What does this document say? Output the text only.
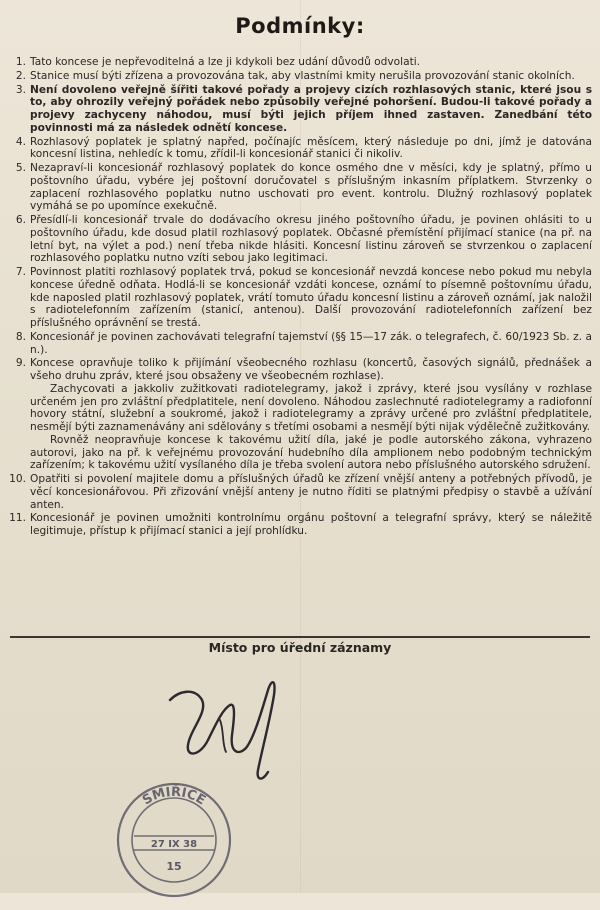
Podmínky:
1. Tato koncese je nepřevoditelná a lze ji kdykoli bez udání důvodů odvolati.
2. Stanice musí býti zřízena a provozována tak, aby vlastními kmity nerušila provozování stanic okolních.
3. Není dovoleno veřejně šířiti takové pořady a projevy cizích rozhlasových stanic, které jsou s to, aby ohrozily veřejný pořádek nebo způsobily veřejné pohoršení. Budou-li takové pořady a projevy zachyceny náhodou, musí býti jejich příjem ihned zastaven. Zanedbání této povinnosti má za následek odnětí koncese.
4. Rozhlasový poplatek je splatný napřed, počínajíc měsícem, který následuje po dni, jímž je datována koncesní listina, nehledíc k tomu, zřídil-li koncesionář stanici či nikoliv.
5. Nezapraví-li koncesionář rozhlasový poplatek do konce osmého dne v měsíci, kdy je splatný, přímo u poštovního úřadu, vybére jej poštovní doručovatel s příslušným inkasním příplatkem. Stvrzenky o zaplacení rozhlasového poplatku nutno uschovati pro event. kontrolu. Dlužný rozhlasový poplatek vymáhá se po upomínce exekučně.
6. Přesídlí-li koncesionář trvale do dodávacího okresu jiného poštovního úřadu, je povinen ohlásiti to u poštovního úřadu, kde dosud platil rozhlasový poplatek. Občasné přemístění přijímací stanice (na př. na letní byt, na výlet a pod.) není třeba nikde hlásiti. Koncesní listinu zároveň se stvrzenkou o zaplacení rozhlasového poplatku nutno vzíti sebou jako legitimaci.
7. Povinnost platiti rozhlasový poplatek trvá, pokud se koncesionář nevzdá koncese nebo pokud mu nebyla koncese úředně odňata. Hodlá-li se koncesionář vzdáti koncese, oznámí to písemně poštovnímu úřadu, kde naposled platil rozhlasový poplatek, vrátí tomuto úřadu koncesní listinu a zároveň oznámí, jak naložil s radiotelefonním zařízením (stanicí, antenou). Další provozování radiotelefonních zařízení bez příslušného oprávnění se trestá.
8. Koncesionář je povinen zachovávati telegrafní tajemství (§§ 15—17 zák. o telegrafech, č. 60/1923 Sb. z. a n.).
9. Koncese opravňuje toliko k přijímání všeobecného rozhlasu (koncertů, časových signálů, přednášek a všeho druhu zpráv, které jsou obsaženy ve všeobecném rozhlase).
Zachycovati a jakkoliv zužitkovati radiotelegramy, jakož i zprávy, které jsou vysílány v rozhlase určeném jen pro zvláštní předplatitele, není dovoleno. Náhodou zaslechnuté radiotelegramy a radiofonní hovory státní, služební a soukromé, jakož i radiotelegramy a zprávy určené pro zvláštní předplatitele, nesmějí býti zaznamenávány ani sdělovány s třetími osobami a nesmějí býti nijak výdělečně zužitkovány.
Rovněž neopravňuje koncese k takovému užití díla, jaké je podle autorského zákona, vyhrazeno autorovi, jako na př. k veřejnému provozování hudebního díla amplionem nebo podobným technickým zařízením; k takovému užití vysílaného díla je třeba svolení autora nebo příslušného autorského sdružení.
10. Opatřiti si povolení majitele domu a příslušných úřadů ke zřízení vnější anteny a potřebných přívodů, je věcí koncesionářovou. Při zřizování vnější anteny je nutno říditi se platnými předpisy o stavbě a užívání anten.
11. Koncesionář je povinen umožniti kontrolnímu orgánu poštovní a telegrafní správy, který se náležitě legitimuje, přístup k přijímací stanici a její prohlídku.
Místo pro úřední záznamy
SMIŘICE
27 IX 38
15
